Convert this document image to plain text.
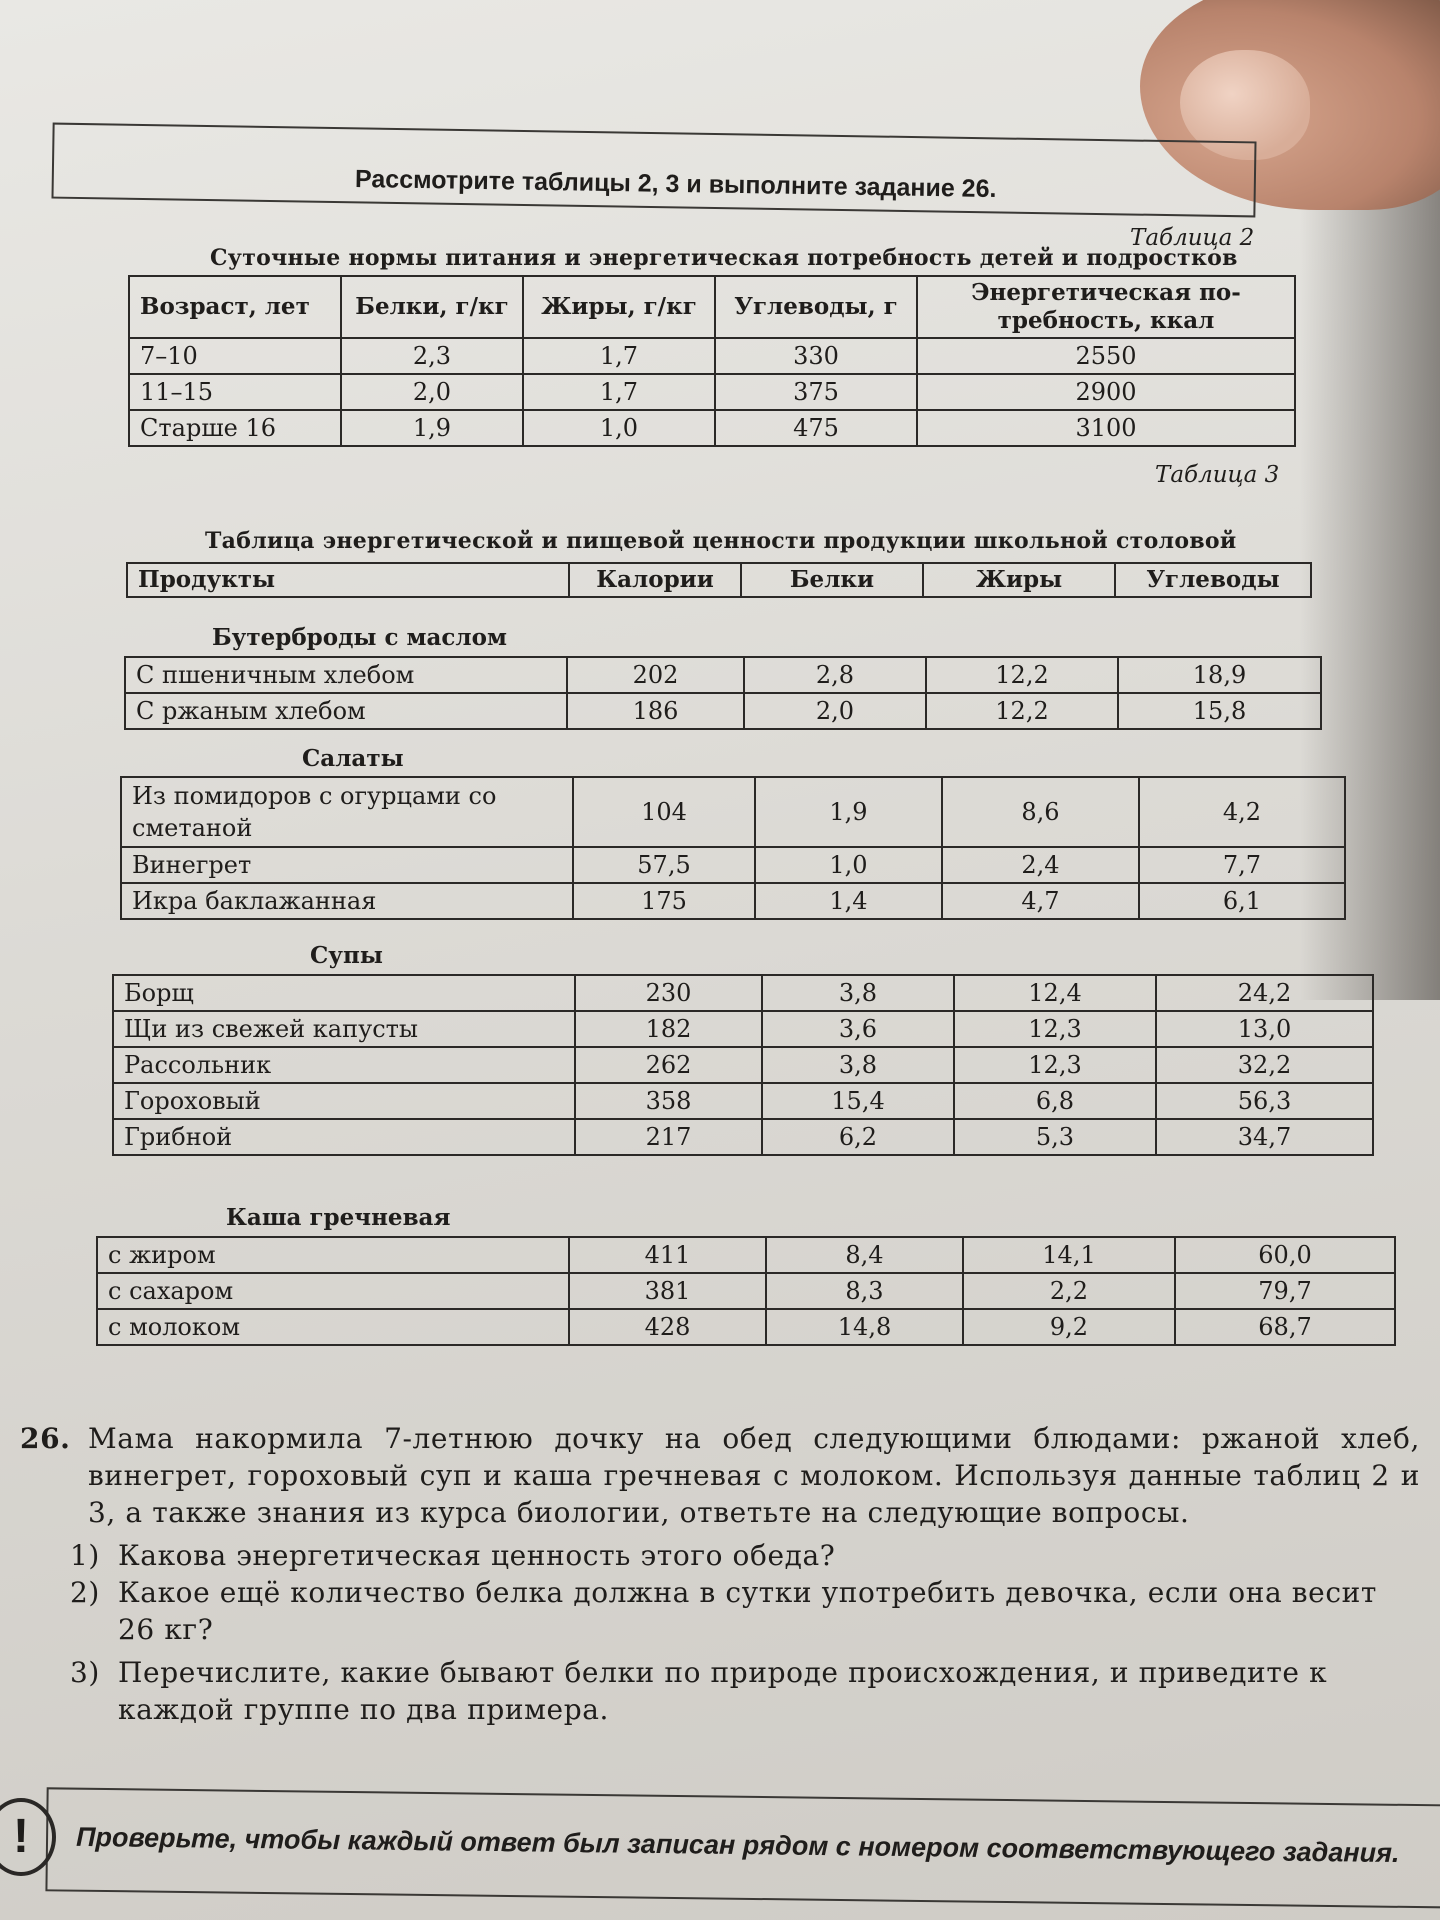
Рассмотрите таблицы 2, 3 и выполните задание 26.
Таблица 2
Суточные нормы питания и энергетическая потребность детей и подростков
Возраст, лет	Белки, г/кг	Жиры, г/кг	Углеводы, г	Энергетическая по-требность, ккал
7–10	2,3	1,7	330	2550
11–15	2,0	1,7	375	2900
Старше 16	1,9	1,0	475	3100
Таблица 3
Таблица энергетической и пищевой ценности продукции школьной столовой
Продукты	Калории	Белки	Жиры	Углеводы
Бутерброды с маслом
С пшеничным хлебом	202	2,8	12,2	18,9
С ржаным хлебом	186	2,0	12,2	15,8
Салаты
Из помидоров с огурцами со сметаной	104	1,9	8,6	4,2
Винегрет	57,5	1,0	2,4	7,7
Икра баклажанная	175	1,4	4,7	6,1
Супы
Борщ	230	3,8	12,4	24,2
Щи из свежей капусты	182	3,6	12,3	13,0
Рассольник	262	3,8	12,3	32,2
Гороховый	358	15,4	6,8	56,3
Грибной	217	6,2	5,3	34,7
Каша гречневая
с жиром	411	8,4	14,1	60,0
с сахаром	381	8,3	2,2	79,7
с молоком	428	14,8	9,2	68,7
26. Мама накормила 7-летнюю дочку на обед следующими блюдами: ржаной хлеб, винегрет, гороховый суп и каша гречневая с молоком. Используя данные таблиц 2 и 3, а также знания из курса биологии, ответьте на следующие вопросы.
1) Какова энергетическая ценность этого обеда?
2) Какое ещё количество белка должна в сутки употребить девочка, если она весит 26 кг?
3) Перечислите, какие бывают белки по природе происхождения, и приведите к каждой группе по два примера.
!	Проверьте, чтобы каждый ответ был записан рядом с номером соответствующего задания.
